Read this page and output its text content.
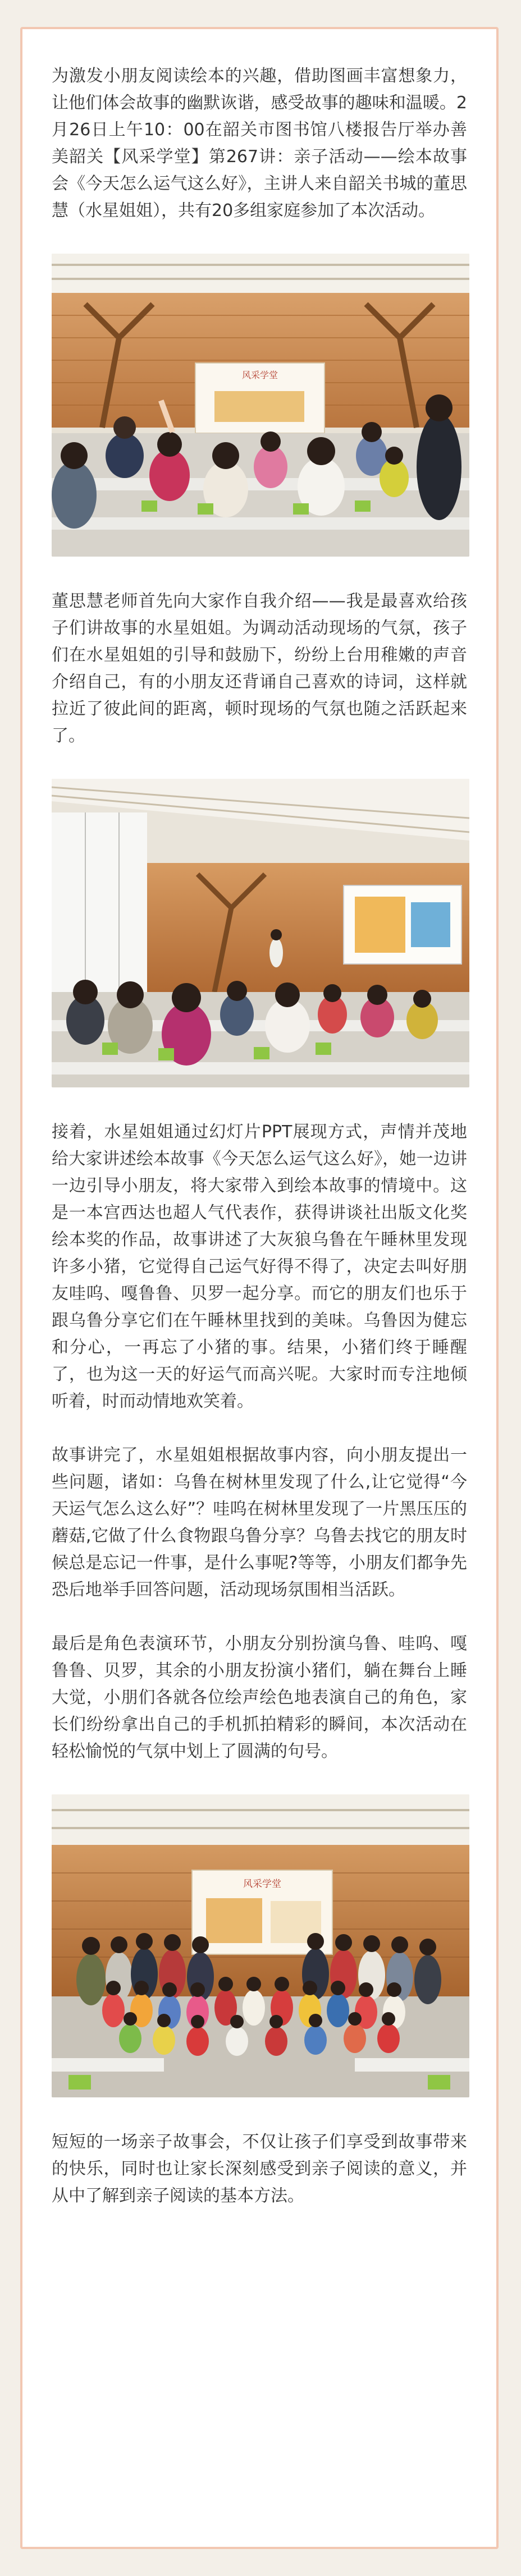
为激发小朋友阅读绘本的兴趣，借助图画丰富想象力，让他们体会故事的幽默诙谐，感受故事的趣味和温暖。2月26日上午10：00在韶关市图书馆八楼报告厅举办善美韶关【风采学堂】第267讲：亲子活动——绘本故事会《今天怎么运气这么好》，主讲人来自韶关书城的董思慧（水星姐姐），共有20多组家庭参加了本次活动。

风采学堂

董思慧老师首先向大家作自我介绍——我是最喜欢给孩子们讲故事的水星姐姐。为调动活动现场的气氛，孩子们在水星姐姐的引导和鼓励下，纷纷上台用稚嫩的声音介绍自己，有的小朋友还背诵自己喜欢的诗词，这样就拉近了彼此间的距离，顿时现场的气氛也随之活跃起来了。

接着，水星姐姐通过幻灯片PPT展现方式，声情并茂地给大家讲述绘本故事《今天怎么运气这么好》，她一边讲一边引导小朋友，将大家带入到绘本故事的情境中。这是一本宫西达也超人气代表作，获得讲谈社出版文化奖绘本奖的作品，故事讲述了大灰狼乌鲁在午睡林里发现许多小猪，它觉得自己运气好得不得了，决定去叫好朋友哇呜、嘎鲁鲁、贝罗一起分享。而它的朋友们也乐于跟乌鲁分享它们在午睡林里找到的美味。乌鲁因为健忘和分心，一再忘了小猪的事。结果，小猪们终于睡醒了，也为这一天的好运气而高兴呢。大家时而专注地倾听着，时而动情地欢笑着。

故事讲完了，水星姐姐根据故事内容，向小朋友提出一些问题，诸如：乌鲁在树林里发现了什么,让它觉得“今天运气怎么这么好”？哇呜在树林里发现了一片黑压压的蘑菇,它做了什么食物跟乌鲁分享？乌鲁去找它的朋友时候总是忘记一件事，是什么事呢?等等，小朋友们都争先恐后地举手回答问题，活动现场氛围相当活跃。

最后是角色表演环节，小朋友分别扮演乌鲁、哇呜、嘎鲁鲁、贝罗，其余的小朋友扮演小猪们，躺在舞台上睡大觉，小朋们各就各位绘声绘色地表演自己的角色，家长们纷纷拿出自己的手机抓拍精彩的瞬间，本次活动在轻松愉悦的气氛中划上了圆满的句号。

风采学堂

短短的一场亲子故事会，不仅让孩子们享受到故事带来的快乐，同时也让家长深刻感受到亲子阅读的意义，并从中了解到亲子阅读的基本方法。
